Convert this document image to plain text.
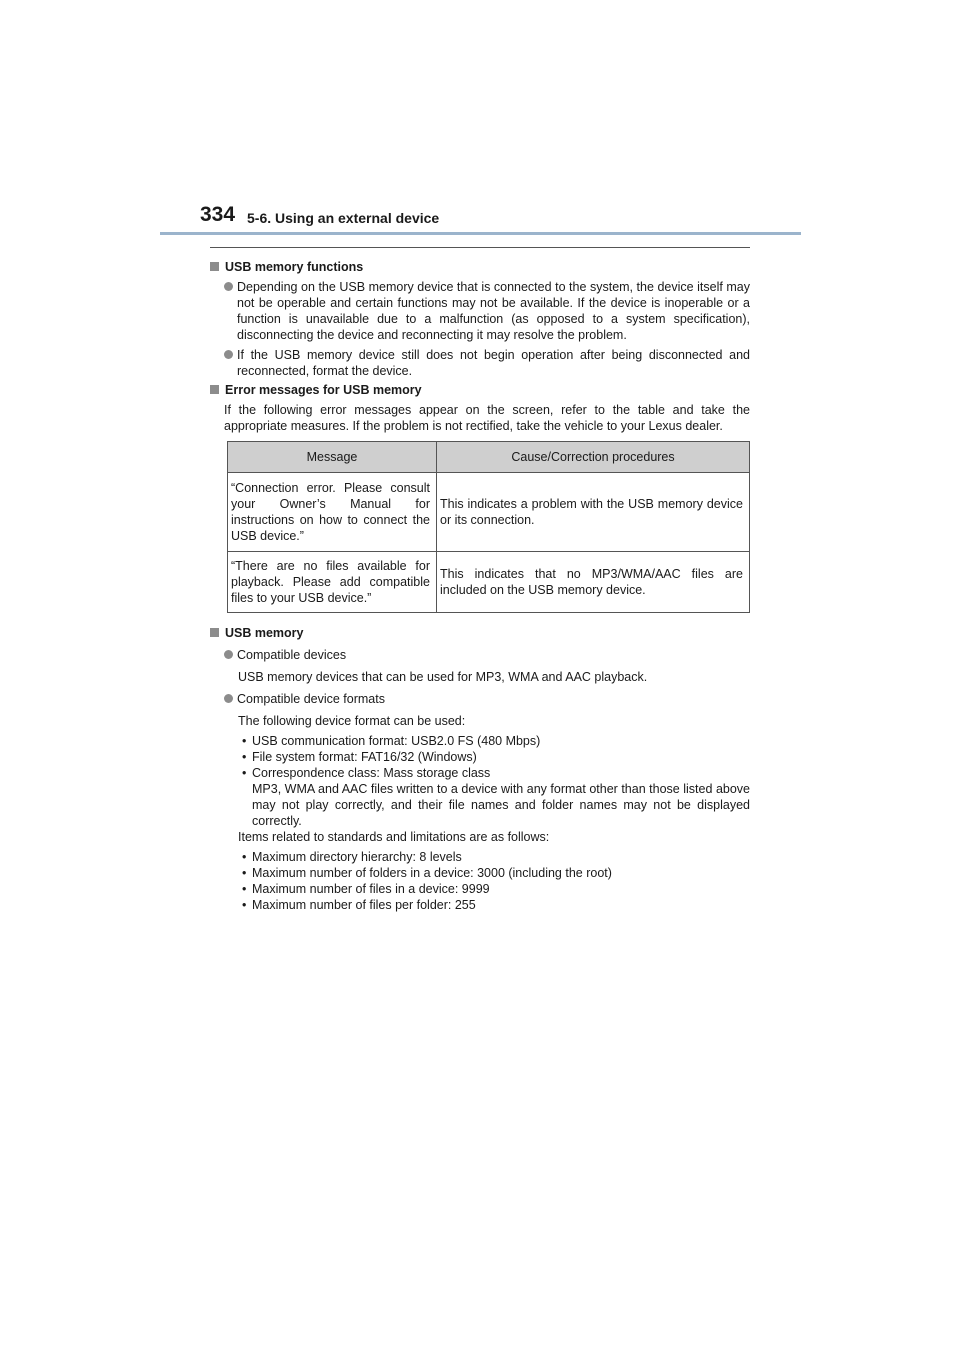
334 5-6. Using an external device
USB memory functions
Depending on the USB memory device that is connected to the system, the device itself may not be operable and certain functions may not be available. If the device is inoperable or a function is unavailable due to a malfunction (as opposed to a system specification), disconnecting the device and reconnecting it may resolve the problem.
If the USB memory device still does not begin operation after being disconnected and reconnected, format the device.
Error messages for USB memory
If the following error messages appear on the screen, refer to the table and take the appropriate measures. If the problem is not rectified, take the vehicle to your Lexus dealer.
Message	Cause/Correction procedures
“Connection error. Please consult your Owner’s Manual for instructions on how to connect the USB device.”	This indicates a problem with the USB memory device or its connection.
“There are no files available for playback. Please add compatible files to your USB device.”	This indicates that no MP3/WMA/AAC files are included on the USB memory device.
USB memory
Compatible devices
USB memory devices that can be used for MP3, WMA and AAC playback.
Compatible device formats
The following device format can be used:
• USB communication format: USB2.0 FS (480 Mbps)
• File system format: FAT16/32 (Windows)
• Correspondence class: Mass storage class
MP3, WMA and AAC files written to a device with any format other than those listed above may not play correctly, and their file names and folder names may not be displayed correctly.
Items related to standards and limitations are as follows:
• Maximum directory hierarchy: 8 levels
• Maximum number of folders in a device: 3000 (including the root)
• Maximum number of files in a device: 9999
• Maximum number of files per folder: 255
